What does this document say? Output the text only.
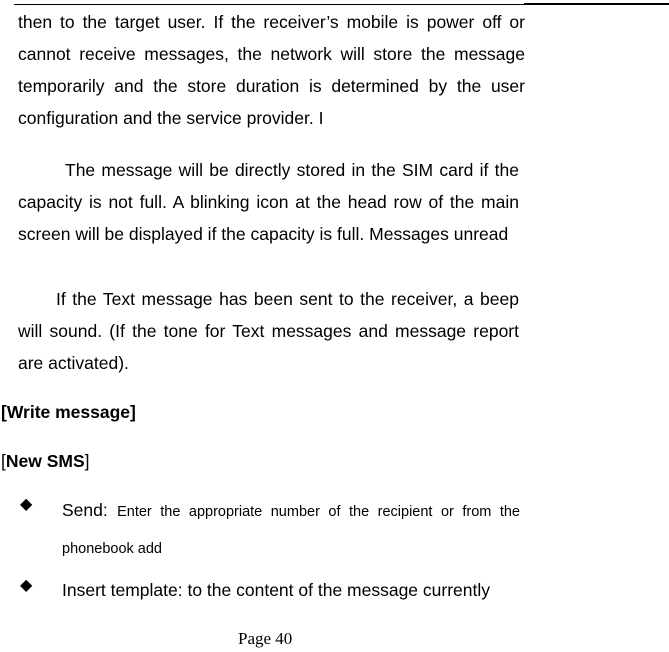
then to the target user. If the receiver’s mobile is power off or cannot receive messages, the network will store the message temporarily and the store duration is determined by the user configuration and the service provider. I

The message will be directly stored in the SIM card if the capacity is not full. A blinking icon at the head row of the main screen will be displayed if the capacity is full. Messages unread

If the Text message has been sent to the receiver, a beep will sound. (If the tone for Text messages and message report are activated).

[Write message]
[New SMS]
◆ Send: Enter the appropriate number of the recipient or from the phonebook add
◆ Insert template: to the content of the message currently
Page 40
